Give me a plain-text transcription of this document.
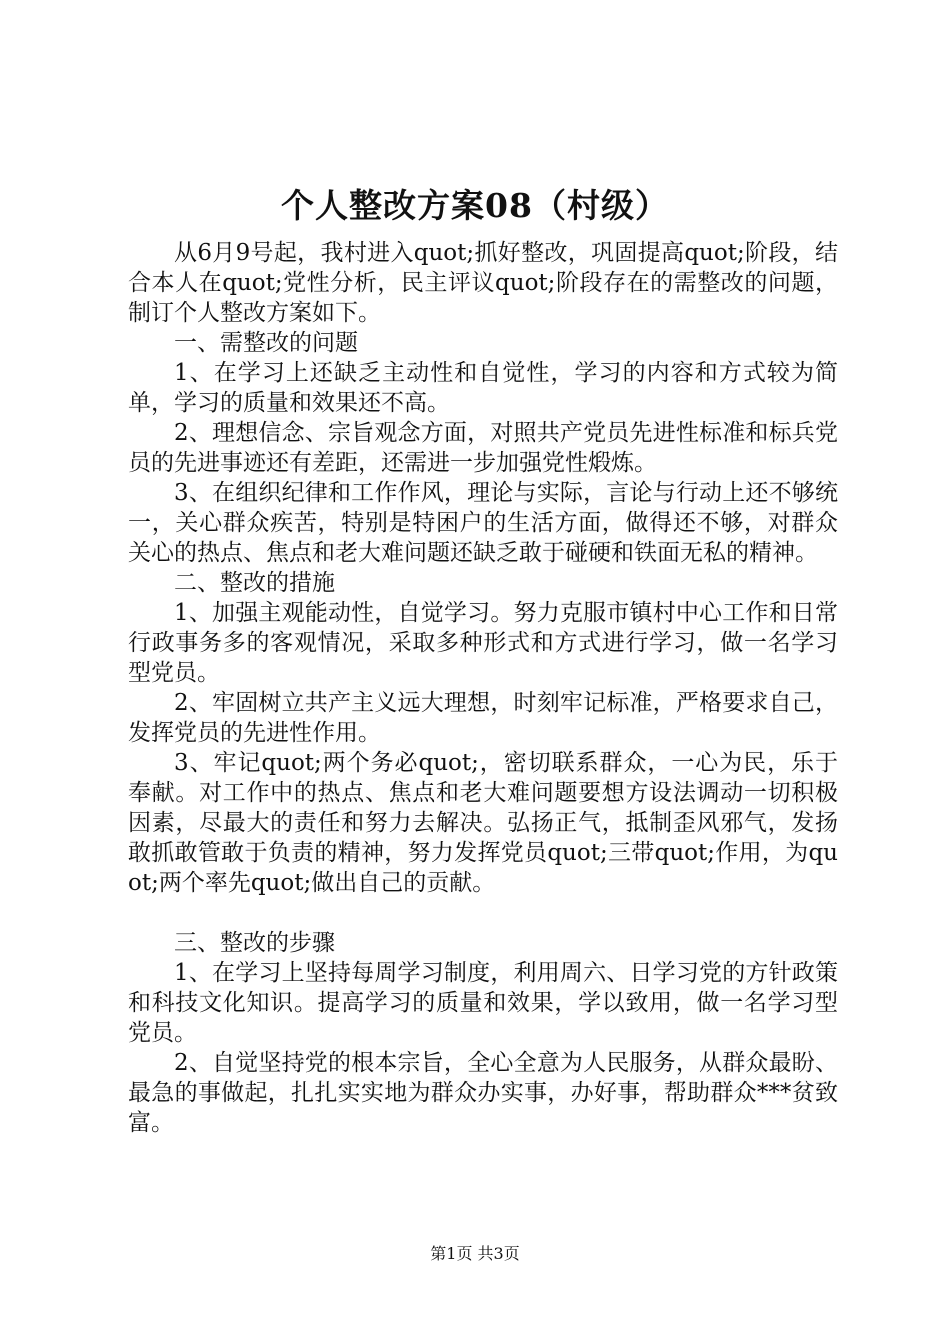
个人整改方案08（村级）

从6月9号起，我村进入quot;抓好整改，巩固提高quot;阶段，结合本人在quot;党性分析，民主评议quot;阶段存在的需整改的问题，制订个人整改方案如下。

一、需整改的问题

1、在学习上还缺乏主动性和自觉性，学习的内容和方式较为简单，学习的质量和效果还不高。

2、理想信念、宗旨观念方面，对照共产党员先进性标准和标兵党员的先进事迹还有差距，还需进一步加强党性煅炼。

3、在组织纪律和工作作风，理论与实际，言论与行动上还不够统一，关心群众疾苦，特别是特困户的生活方面，做得还不够，对群众关心的热点、焦点和老大难问题还缺乏敢于碰硬和铁面无私的精神。

二、整改的措施

1、加强主观能动性，自觉学习。努力克服市镇村中心工作和日常行政事务多的客观情况，采取多种形式和方式进行学习，做一名学习型党员。

2、牢固树立共产主义远大理想，时刻牢记标准，严格要求自己，发挥党员的先进性作用。

3、牢记quot;两个务必quot;，密切联系群众，一心为民，乐于奉献。对工作中的热点、焦点和老大难问题要想方设法调动一切积极因素，尽最大的责任和努力去解决。弘扬正气，抵制歪风邪气，发扬敢抓敢管敢于负责的精神，努力发挥党员quot;三带quot;作用，为quot;两个率先quot;做出自己的贡献。

三、整改的步骤

1、在学习上坚持每周学习制度，利用周六、日学习党的方针政策和科技文化知识。提高学习的质量和效果，学以致用，做一名学习型党员。

2、自觉坚持党的根本宗旨，全心全意为人民服务，从群众最盼、最急的事做起，扎扎实实地为群众办实事，办好事，帮助群众***贫致富。

第1页 共3页
